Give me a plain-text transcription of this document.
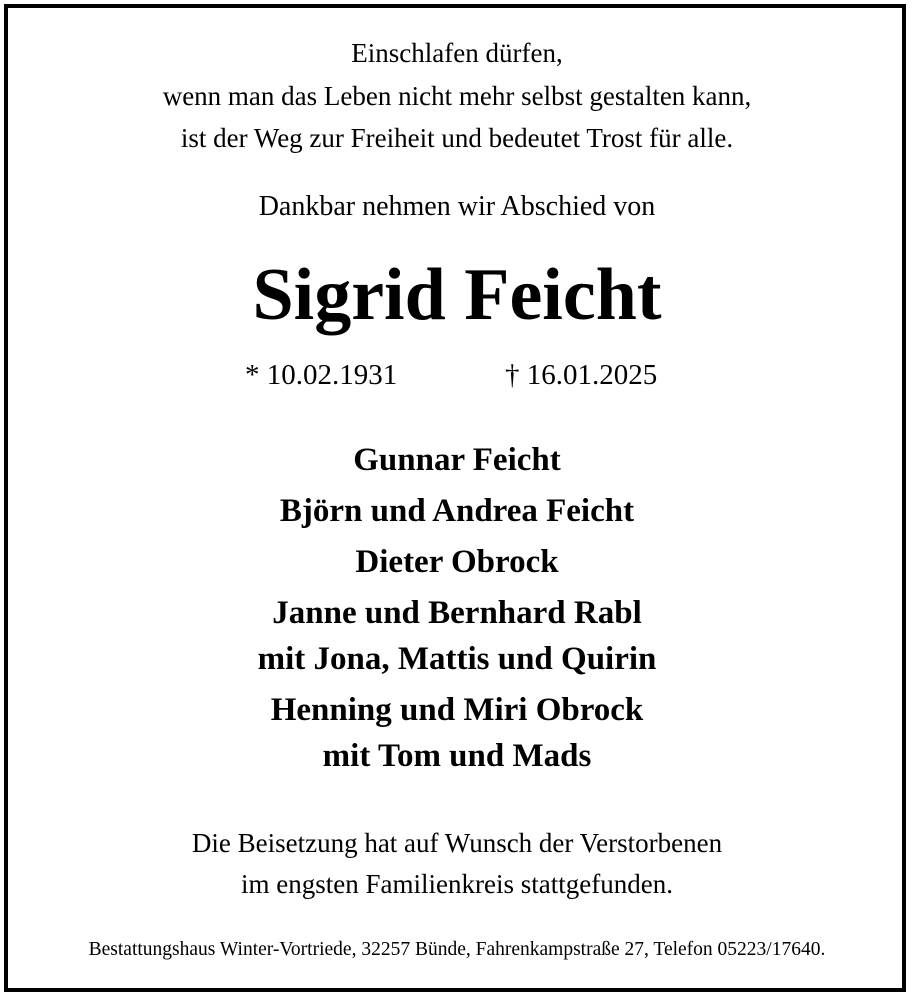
Einschlafen dürfen,
wenn man das Leben nicht mehr selbst gestalten kann,
ist der Weg zur Freiheit und bedeutet Trost für alle.
Dankbar nehmen wir Abschied von
Sigrid Feicht
* 10.02.1931	† 16.01.2025
Gunnar Feicht
Björn und Andrea Feicht
Dieter Obrock
Janne und Bernhard Rabl
mit Jona, Mattis und Quirin
Henning und Miri Obrock
mit Tom und Mads
Die Beisetzung hat auf Wunsch der Verstorbenen
im engsten Familienkreis stattgefunden.
Bestattungshaus Winter-Vortriede, 32257 Bünde, Fahrenkampstraße 27, Telefon 05223/17640.
